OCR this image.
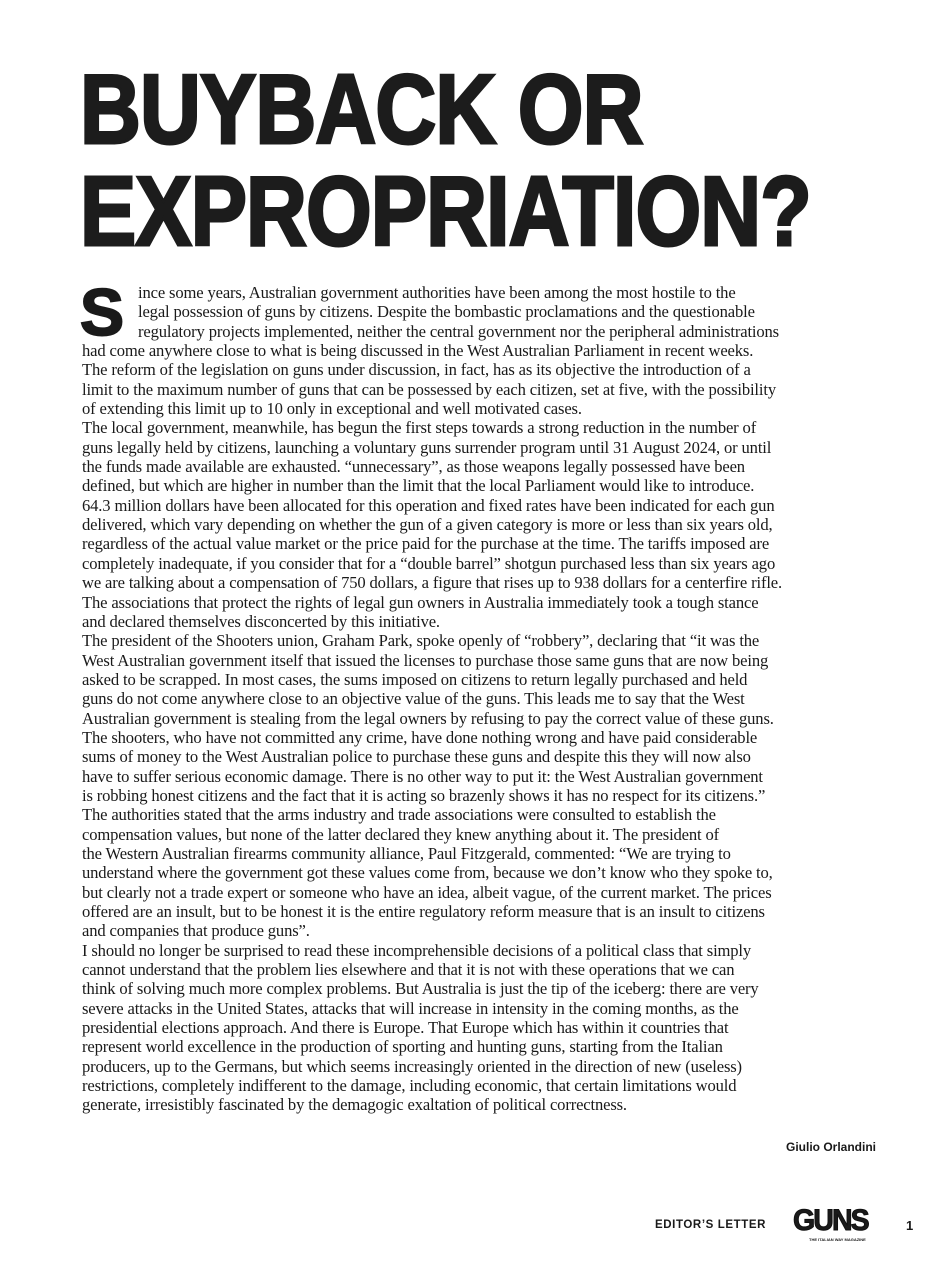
BUYBACK OR
EXPROPRIATION?
S ince some years, Australian government authorities have been among the most hostile to the
legal possession of guns by citizens. Despite the bombastic proclamations and the questionable
regulatory projects implemented, neither the central government nor the peripheral administrations
had come anywhere close to what is being discussed in the West Australian Parliament in recent weeks.
The reform of the legislation on guns under discussion, in fact, has as its objective the introduction of a
limit to the maximum number of guns that can be possessed by each citizen, set at five, with the possibility
of extending this limit up to 10 only in exceptional and well motivated cases.
The local government, meanwhile, has begun the first steps towards a strong reduction in the number of
guns legally held by citizens, launching a voluntary guns surrender program until 31 August 2024, or until
the funds made available are exhausted. “unnecessary”, as those weapons legally possessed have been
defined, but which are higher in number than the limit that the local Parliament would like to introduce.
64.3 million dollars have been allocated for this operation and fixed rates have been indicated for each gun
delivered, which vary depending on whether the gun of a given category is more or less than six years old,
regardless of the actual value market or the price paid for the purchase at the time. The tariffs imposed are
completely inadequate, if you consider that for a “double barrel” shotgun purchased less than six years ago
we are talking about a compensation of 750 dollars, a figure that rises up to 938 dollars for a centerfire rifle.
The associations that protect the rights of legal gun owners in Australia immediately took a tough stance
and declared themselves disconcerted by this initiative.
The president of the Shooters union, Graham Park, spoke openly of “robbery”, declaring that “it was the
West Australian government itself that issued the licenses to purchase those same guns that are now being
asked to be scrapped. In most cases, the sums imposed on citizens to return legally purchased and held
guns do not come anywhere close to an objective value of the guns. This leads me to say that the West
Australian government is stealing from the legal owners by refusing to pay the correct value of these guns.
The shooters, who have not committed any crime, have done nothing wrong and have paid considerable
sums of money to the West Australian police to purchase these guns and despite this they will now also
have to suffer serious economic damage. There is no other way to put it: the West Australian government
is robbing honest citizens and the fact that it is acting so brazenly shows it has no respect for its citizens.”
The authorities stated that the arms industry and trade associations were consulted to establish the
compensation values, but none of the latter declared they knew anything about it. The president of
the Western Australian firearms community alliance, Paul Fitzgerald, commented: “We are trying to
understand where the government got these values come from, because we don’t know who they spoke to,
but clearly not a trade expert or someone who have an idea, albeit vague, of the current market. The prices
offered are an insult, but to be honest it is the entire regulatory reform measure that is an insult to citizens
and companies that produce guns”.
I should no longer be surprised to read these incomprehensible decisions of a political class that simply
cannot understand that the problem lies elsewhere and that it is not with these operations that we can
think of solving much more complex problems. But Australia is just the tip of the iceberg: there are very
severe attacks in the United States, attacks that will increase in intensity in the coming months, as the
presidential elections approach. And there is Europe. That Europe which has within it countries that
represent world excellence in the production of sporting and hunting guns, starting from the Italian
producers, up to the Germans, but which seems increasingly oriented in the direction of new (useless)
restrictions, completely indifferent to the damage, including economic, that certain limitations would
generate, irresistibly fascinated by the demagogic exaltation of political correctness.
Giulio Orlandini
EDITOR’S LETTER GUNS
THE ITALIAN WAY MAGAZINE
1
